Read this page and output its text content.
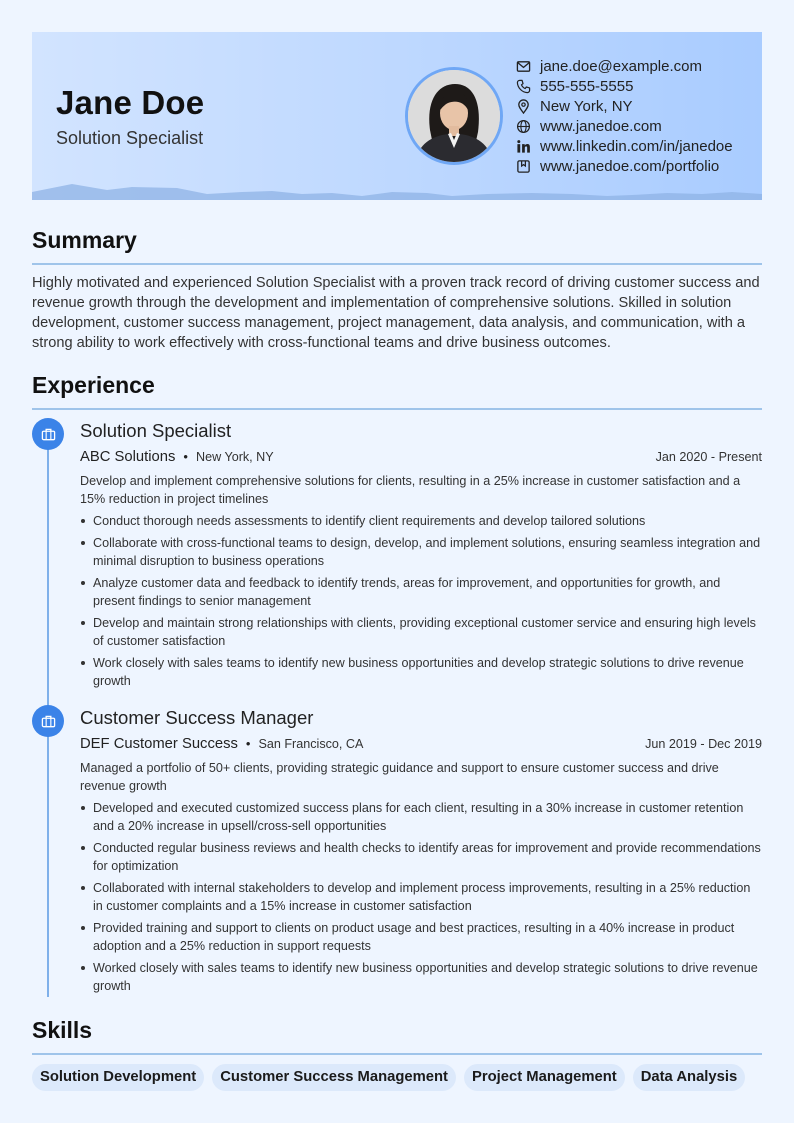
Jane Doe
Solution Specialist
jane.doe@example.com
555-555-5555
New York, NY
www.janedoe.com
www.linkedin.com/in/janedoe
www.janedoe.com/portfolio
Summary
Highly motivated and experienced Solution Specialist with a proven track record of driving customer success and revenue growth through the development and implementation of comprehensive solutions. Skilled in solution development, customer success management, project management, data analysis, and communication, with a strong ability to work effectively with cross-functional teams and drive business outcomes.
Experience
Solution Specialist
ABC Solutions • New York, NY	Jan 2020 - Present
Develop and implement comprehensive solutions for clients, resulting in a 25% increase in customer satisfaction and a 15% reduction in project timelines
Conduct thorough needs assessments to identify client requirements and develop tailored solutions
Collaborate with cross-functional teams to design, develop, and implement solutions, ensuring seamless integration and minimal disruption to business operations
Analyze customer data and feedback to identify trends, areas for improvement, and opportunities for growth, and present findings to senior management
Develop and maintain strong relationships with clients, providing exceptional customer service and ensuring high levels of customer satisfaction
Work closely with sales teams to identify new business opportunities and develop strategic solutions to drive revenue growth
Customer Success Manager
DEF Customer Success • San Francisco, CA	Jun 2019 - Dec 2019
Managed a portfolio of 50+ clients, providing strategic guidance and support to ensure customer success and drive revenue growth
Developed and executed customized success plans for each client, resulting in a 30% increase in customer retention and a 20% increase in upsell/cross-sell opportunities
Conducted regular business reviews and health checks to identify areas for improvement and provide recommendations for optimization
Collaborated with internal stakeholders to develop and implement process improvements, resulting in a 25% reduction in customer complaints and a 15% increase in customer satisfaction
Provided training and support to clients on product usage and best practices, resulting in a 40% increase in product adoption and a 25% reduction in support requests
Worked closely with sales teams to identify new business opportunities and develop strategic solutions to drive revenue growth
Skills
Solution Development	Customer Success Management	Project Management	Data Analysis
